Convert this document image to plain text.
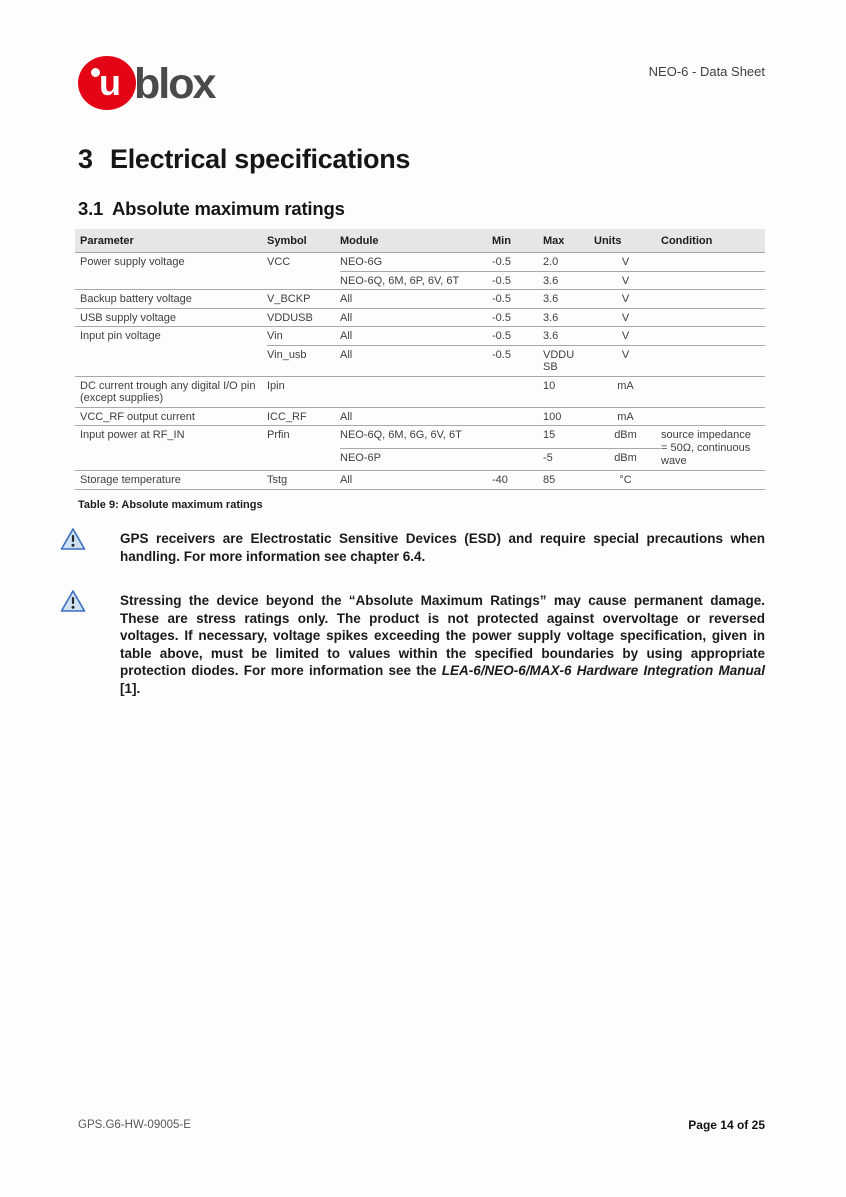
u blox	NEO-6 - Data Sheet
3 Electrical specifications
3.1 Absolute maximum ratings
Parameter	Symbol	Module	Min	Max	Units	Condition
Power supply voltage	VCC	NEO-6G	-0.5	2.0	V	
		NEO-6Q, 6M, 6P, 6V, 6T	-0.5	3.6	V	
Backup battery voltage	V_BCKP	All	-0.5	3.6	V	
USB supply voltage	VDDUSB	All	-0.5	3.6	V	
Input pin voltage	Vin	All	-0.5	3.6	V	
	Vin_usb	All	-0.5	VDDUSB	V	
DC current trough any digital I/O pin (except supplies)	Ipin			10	mA	
VCC_RF output current	ICC_RF	All		100	mA	
Input power at RF_IN	Prfin	NEO-6Q, 6M, 6G, 6V, 6T		15	dBm	source impedance = 50Ω, continuous wave
		NEO-6P		-5	dBm	
Storage temperature	Tstg	All	-40	85	°C	
Table 9: Absolute maximum ratings
GPS receivers are Electrostatic Sensitive Devices (ESD) and require special precautions when handling. For more information see chapter 6.4.
Stressing the device beyond the “Absolute Maximum Ratings” may cause permanent damage. These are stress ratings only. The product is not protected against overvoltage or reversed voltages. If necessary, voltage spikes exceeding the power supply voltage specification, given in table above, must be limited to values within the specified boundaries by using appropriate protection diodes. For more information see the LEA-6/NEO-6/MAX-6 Hardware Integration Manual [1].
GPS.G6-HW-09005-E	Page 14 of 25
